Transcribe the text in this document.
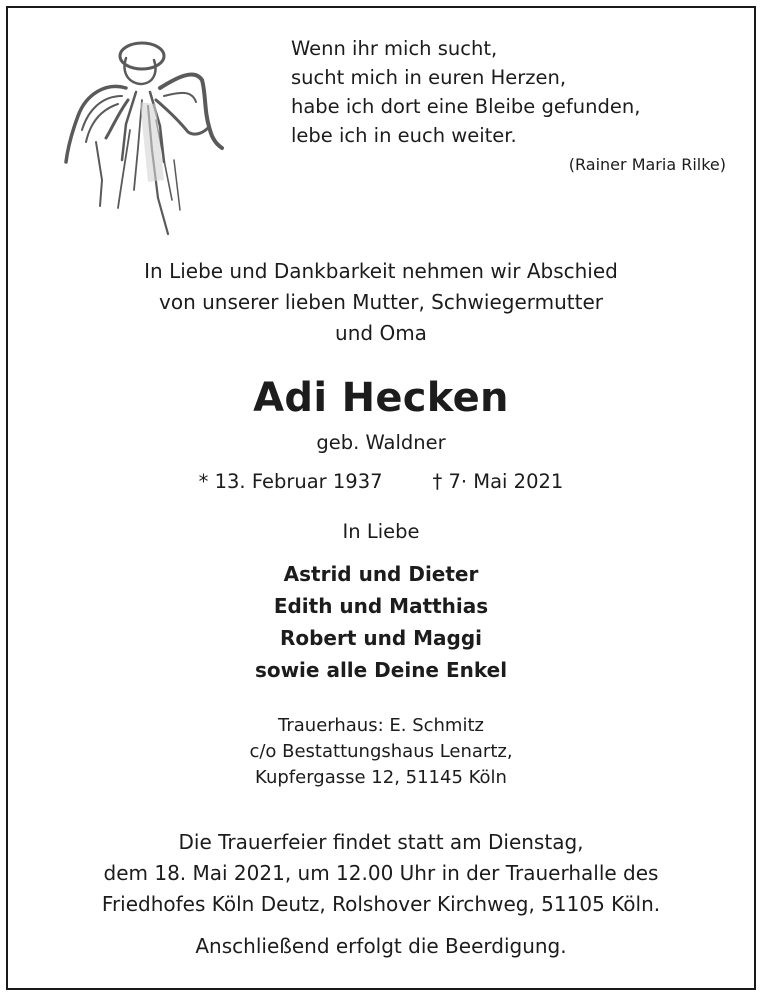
Wenn ihr mich sucht,
sucht mich in euren Herzen,
habe ich dort eine Bleibe gefunden,
lebe ich in euch weiter.
(Rainer Maria Rilke)
In Liebe und Dankbarkeit nehmen wir Abschied
von unserer lieben Mutter, Schwiegermutter
und Oma
Adi Hecken
geb. Waldner
* 13. Februar 1937	† 7· Mai 2021
In Liebe
Astrid und Dieter
Edith und Matthias
Robert und Maggi
sowie alle Deine Enkel
Trauerhaus: E. Schmitz
c/o Bestattungshaus Lenartz,
Kupfergasse 12, 51145 Köln
Die Trauerfeier findet statt am Dienstag,
dem 18. Mai 2021, um 12.00 Uhr in der Trauerhalle des
Friedhofes Köln Deutz, Rolshover Kirchweg, 51105 Köln.
Anschließend erfolgt die Beerdigung.
